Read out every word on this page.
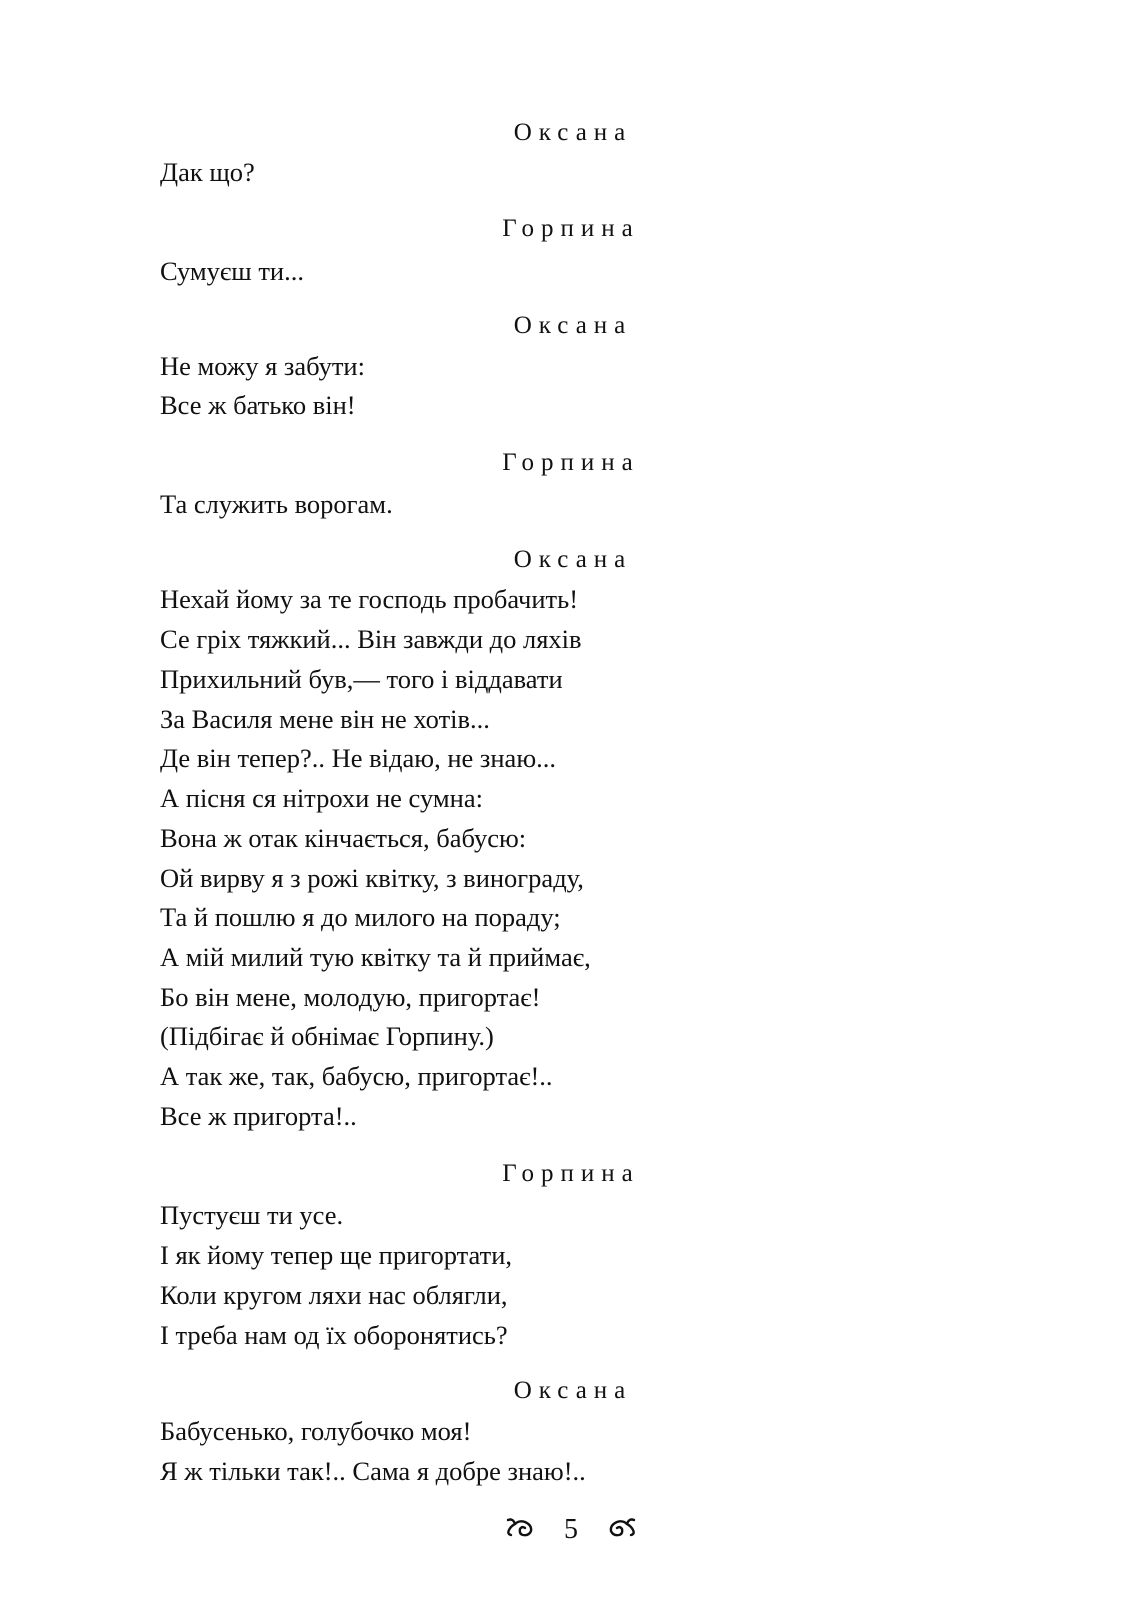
Оксана
Дак що?
Горпина
Сумуєш ти...
Оксана
Не можу я забути:
Все ж батько він!
Горпина
Та служить ворогам.
Оксана
Нехай йому за те господь пробачить!
Се гріх тяжкий... Він завжди до ляхів
Прихильний був,— того і віддавати
За Василя мене він не хотів...
Де він тепер?.. Не відаю, не знаю...
А пісня ся нітрохи не сумна:
Вона ж отак кінчається, бабусю:
Ой вирву я з рожі квітку, з винограду,
Та й пошлю я до милого на пораду;
А мій милий тую квітку та й приймає,
Бо він мене, молодую, пригортає!
(Підбігає й обнімає Горпину.)
А так же, так, бабусю, пригортає!..
Все ж пригорта!..
Горпина
Пустуєш ти усе.
І як йому тепер ще пригортати,
Коли кругом ляхи нас облягли,
І треба нам од їх оборонятись?
Оксана
Бабусенько, голубочко моя!
Я ж тільки так!.. Сама я добре знаю!..
5
